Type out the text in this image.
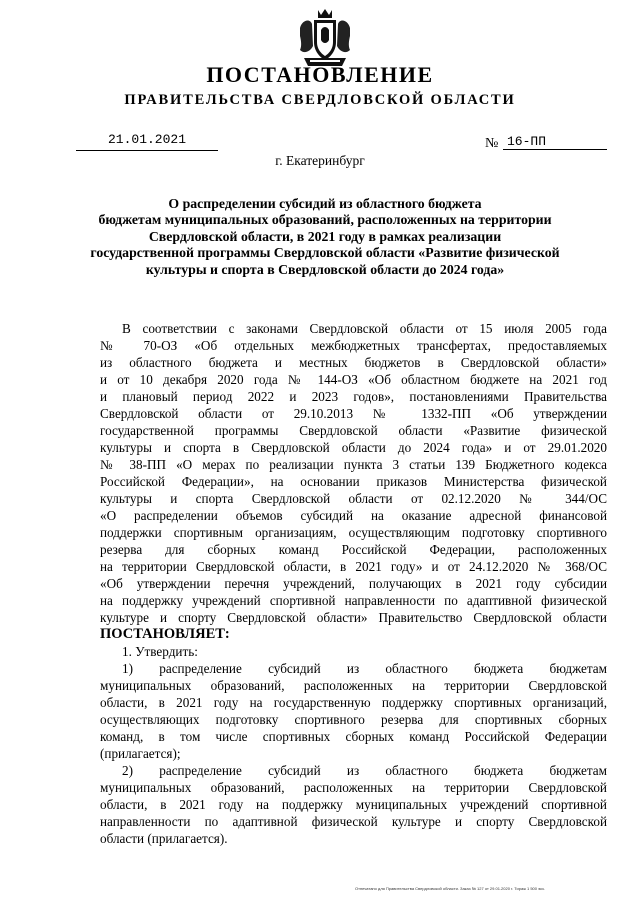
ПОСТАНОВЛЕНИЕ
ПРАВИТЕЛЬСТВА СВЕРДЛОВСКОЙ ОБЛАСТИ
21.01.2021	№ 16-ПП
г. Екатеринбург
О распределении субсидий из областного бюджета
бюджетам муниципальных образований, расположенных на территории
Свердловской области, в 2021 году в рамках реализации
государственной программы Свердловской области «Развитие физической
культуры и спорта в Свердловской области до 2024 года»
В соответствии с законами Свердловской области от 15 июля 2005 года
№ 70-ОЗ «Об отдельных межбюджетных трансфертах, предоставляемых
из областного бюджета и местных бюджетов в Свердловской области»
и от 10 декабря 2020 года № 144-ОЗ «Об областном бюджете на 2021 год
и плановый период 2022 и 2023 годов», постановлениями Правительства
Свердловской области от 29.10.2013 № 1332-ПП «Об утверждении
государственной программы Свердловской области «Развитие физической
культуры и спорта в Свердловской области до 2024 года» и от 29.01.2020
№ 38-ПП «О мерах по реализации пункта 3 статьи 139 Бюджетного кодекса
Российской Федерации», на основании приказов Министерства физической
культуры и спорта Свердловской области от 02.12.2020 № 344/ОС
«О распределении объемов субсидий на оказание адресной финансовой
поддержки спортивным организациям, осуществляющим подготовку спортивного
резерва для сборных команд Российской Федерации, расположенных
на территории Свердловской области, в 2021 году» и от 24.12.2020 № 368/ОС
«Об утверждении перечня учреждений, получающих в 2021 году субсидии
на поддержку учреждений спортивной направленности по адаптивной физической
культуре и спорту Свердловской области» Правительство Свердловской области
ПОСТАНОВЛЯЕТ:
1. Утвердить:
1) распределение субсидий из областного бюджета бюджетам
муниципальных образований, расположенных на территории Свердловской
области, в 2021 году на государственную поддержку спортивных организаций,
осуществляющих подготовку спортивного резерва для спортивных сборных
команд, в том числе спортивных сборных команд Российской Федерации
(прилагается);
2) распределение субсидий из областного бюджета бюджетам
муниципальных образований, расположенных на территории Свердловской
области, в 2021 году на поддержку муниципальных учреждений спортивной
направленности по адаптивной физической культуре и спорту Свердловской
области (прилагается).
Отпечатано для Правительства Свердловской области. Заказ № 127 от 29.01.2020 г. Тираж 1 500 экз.
